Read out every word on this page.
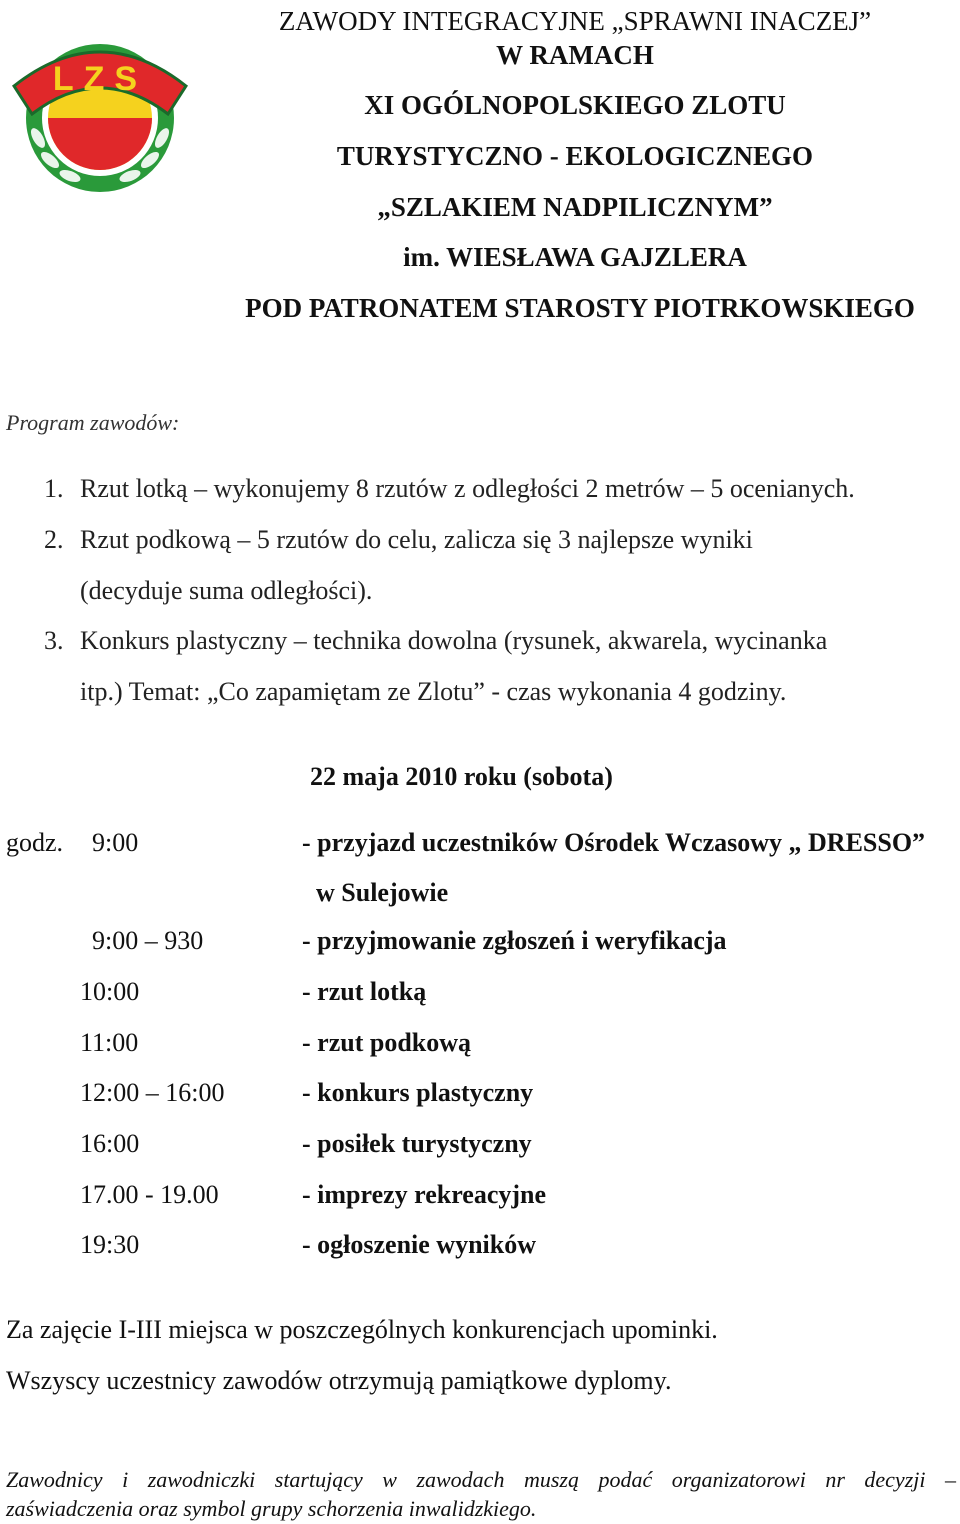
LZS
ZAWODY INTEGRACYJNE „SPRAWNI INACZEJ”
W RAMACH
XI OGÓLNOPOLSKIEGO ZLOTU
TURYSTYCZNO - EKOLOGICZNEGO
„SZLAKIEM NADPILICZNYM”
im. WIESŁAWA GAJZLERA
POD PATRONATEM STAROSTY PIOTRKOWSKIEGO
Program zawodów:
1. Rzut lotką – wykonujemy 8 rzutów z odległości 2 metrów – 5 ocenianych.
2. Rzut podkową – 5 rzutów do celu, zalicza się 3 najlepsze wyniki
(decyduje suma odległości).
3. Konkurs plastyczny – technika dowolna (rysunek, akwarela, wycinanka
itp.) Temat: „Co zapamiętam ze Zlotu” - czas wykonania 4 godziny.
22 maja 2010 roku (sobota)
godz. 9:00	- przyjazd uczestników Ośrodek Wczasowy „ DRESSO”
w Sulejowie
9:00 – 930	- przyjmowanie zgłoszeń i weryfikacja
10:00	- rzut lotką
11:00	- rzut podkową
12:00 – 16:00	- konkurs plastyczny
16:00	- posiłek turystyczny
17.00 - 19.00	- imprezy rekreacyjne
19:30	- ogłoszenie wyników
Za zajęcie I-III miejsca w poszczególnych konkurencjach upominki.
Wszyscy uczestnicy zawodów otrzymują pamiątkowe dyplomy.
Zawodnicy i zawodniczki startujący w zawodach muszą podać organizatorowi nr decyzji –
zaświadczenia oraz symbol grupy schorzenia inwalidzkiego.
